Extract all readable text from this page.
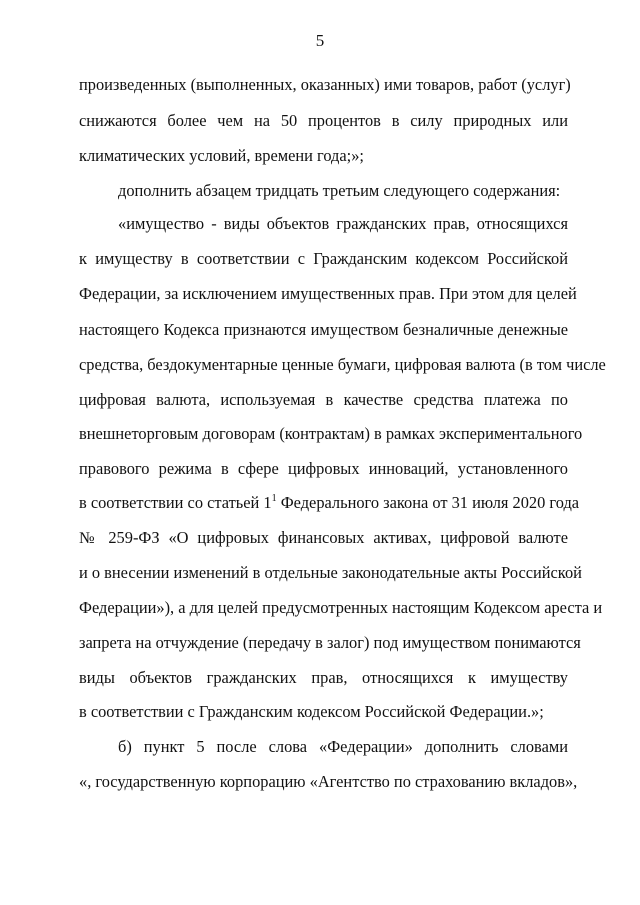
5
произведенных (выполненных, оказанных) ими товаров, работ (услуг)
снижаются более чем на 50 процентов в силу природных или
климатических условий, времени года;»;
дополнить абзацем тридцать третьим следующего содержания:
«имущество - виды объектов гражданских прав, относящихся
к имуществу в соответствии с Гражданским кодексом Российской
Федерации, за исключением имущественных прав. При этом для целей
настоящего Кодекса признаются имуществом безналичные денежные
средства, бездокументарные ценные бумаги, цифровая валюта (в том числе
цифровая валюта, используемая в качестве средства платежа по
внешнеторговым договорам (контрактам) в рамках экспериментального
правового режима в сфере цифровых инноваций, установленного
в соответствии со статьей $1^1$ Федерального закона от 31 июля 2020 года
№ 259-ФЗ «О цифровых финансовых активах, цифровой валюте
и о внесении изменений в отдельные законодательные акты Российской
Федерации»), а для целей предусмотренных настоящим Кодексом ареста и
запрета на отчуждение (передачу в залог) под имуществом понимаются
виды объектов гражданских прав, относящихся к имуществу
в соответствии с Гражданским кодексом Российской Федерации.»;
б) пункт 5 после слова «Федерации» дополнить словами
«, государственную корпорацию «Агентство по страхованию вкладов»,
